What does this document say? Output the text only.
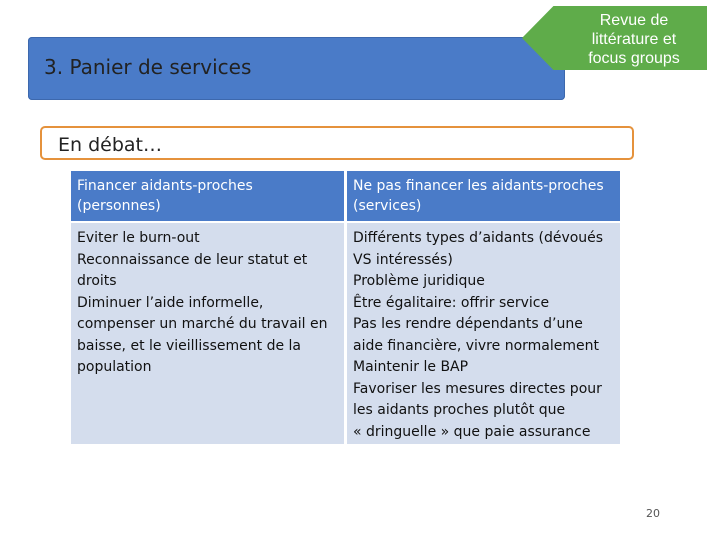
3. Panier de services
Revue de
littérature et
focus groups
En débat…
Financer aidants-proches
(personnes)
Ne pas financer les aidants-proches
(services)
Eviter le burn-out
Reconnaissance de leur statut et
droits
Diminuer l’aide informelle,
compenser un marché du travail en
baisse, et le vieillissement de la
population
Différents types d’aidants (dévoués
VS intéressés)
Problème juridique
Être égalitaire: offrir service
Pas les rendre dépendants d’une
aide financière, vivre normalement
Maintenir le BAP
Favoriser les mesures directes pour
les aidants proches plutôt que
« dringuelle » que paie assurance
20
